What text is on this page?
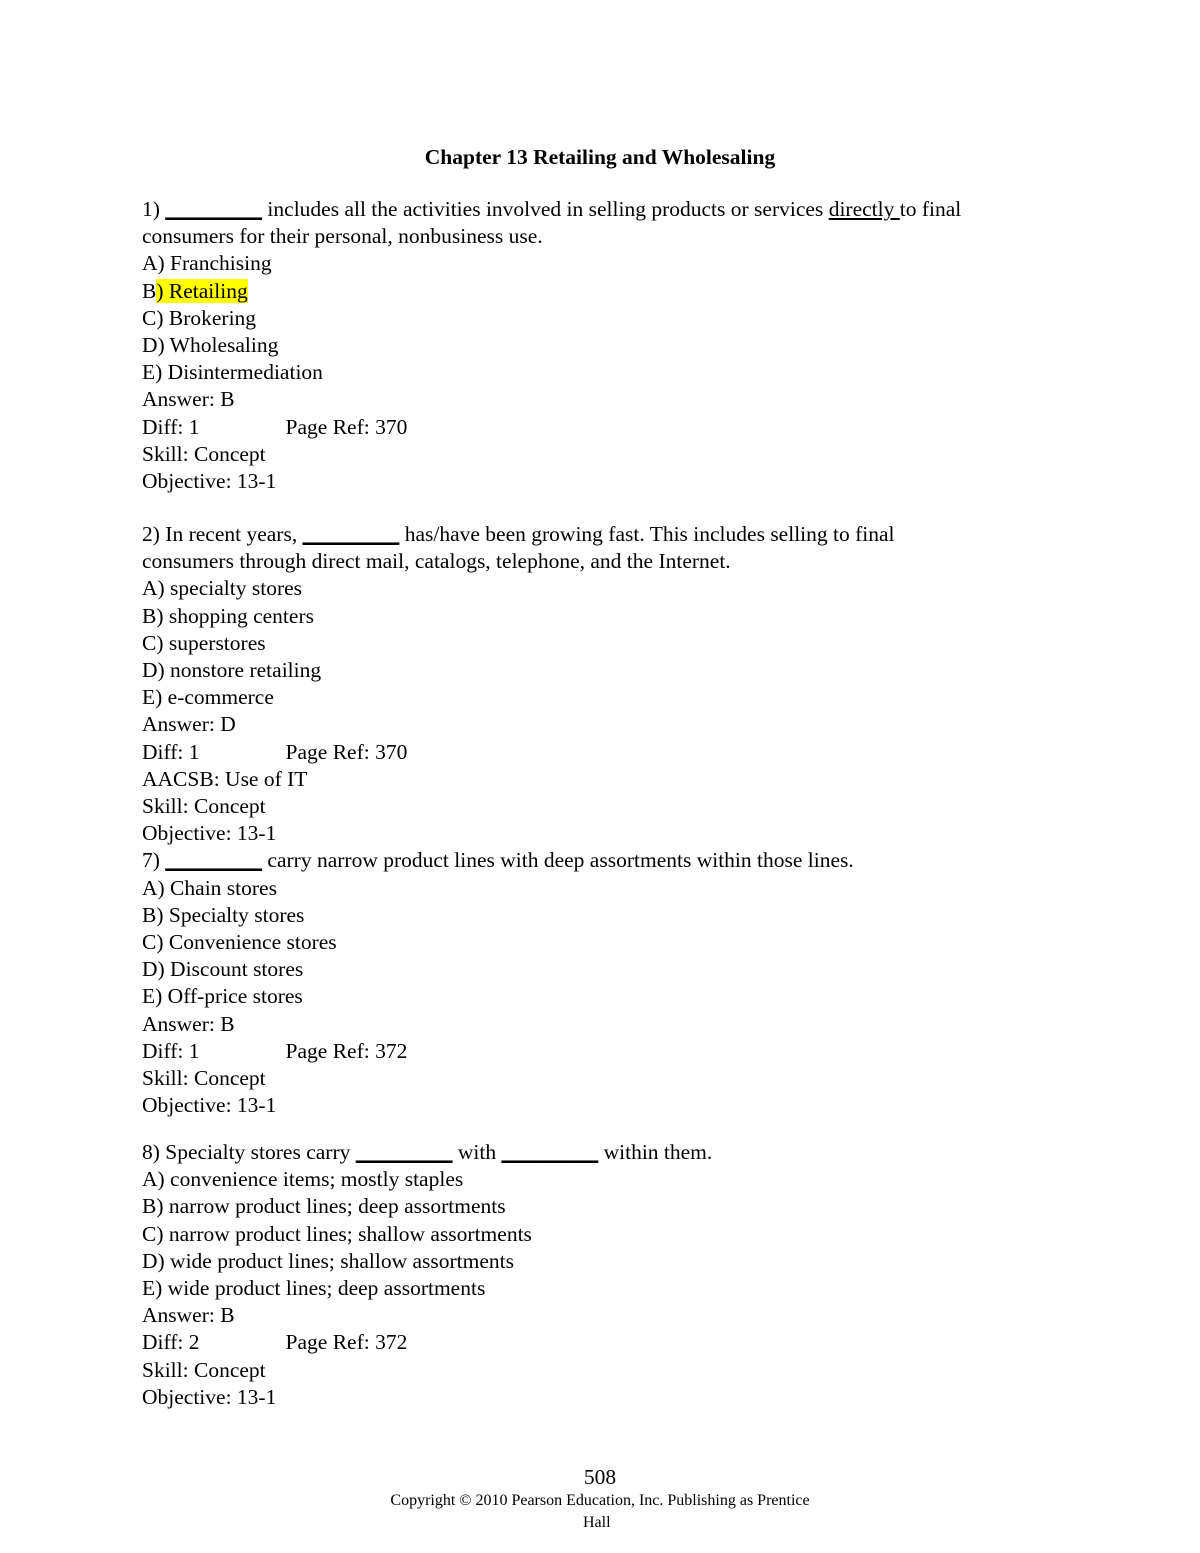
Chapter 13 Retailing and Wholesaling
1) _________ includes all the activities involved in selling products or services directly to final
consumers for their personal, nonbusiness use.
A) Franchising
B) Retailing
C) Brokering
D) Wholesaling
E) Disintermediation
Answer: B
Diff: 1	Page Ref: 370
Skill: Concept
Objective: 13-1
2) In recent years, _________ has/have been growing fast. This includes selling to final
consumers through direct mail, catalogs, telephone, and the Internet.
A) specialty stores
B) shopping centers
C) superstores
D) nonstore retailing
E) e-commerce
Answer: D
Diff: 1	Page Ref: 370
AACSB: Use of IT
Skill: Concept
Objective: 13-1
7) _________ carry narrow product lines with deep assortments within those lines.
A) Chain stores
B) Specialty stores
C) Convenience stores
D) Discount stores
E) Off-price stores
Answer: B
Diff: 1	Page Ref: 372
Skill: Concept
Objective: 13-1
8) Specialty stores carry _________ with _________ within them.
A) convenience items; mostly staples
B) narrow product lines; deep assortments
C) narrow product lines; shallow assortments
D) wide product lines; shallow assortments
E) wide product lines; deep assortments
Answer: B
Diff: 2	Page Ref: 372
Skill: Concept
Objective: 13-1
508
Copyright © 2010 Pearson Education, Inc. Publishing as Prentice
Hall
